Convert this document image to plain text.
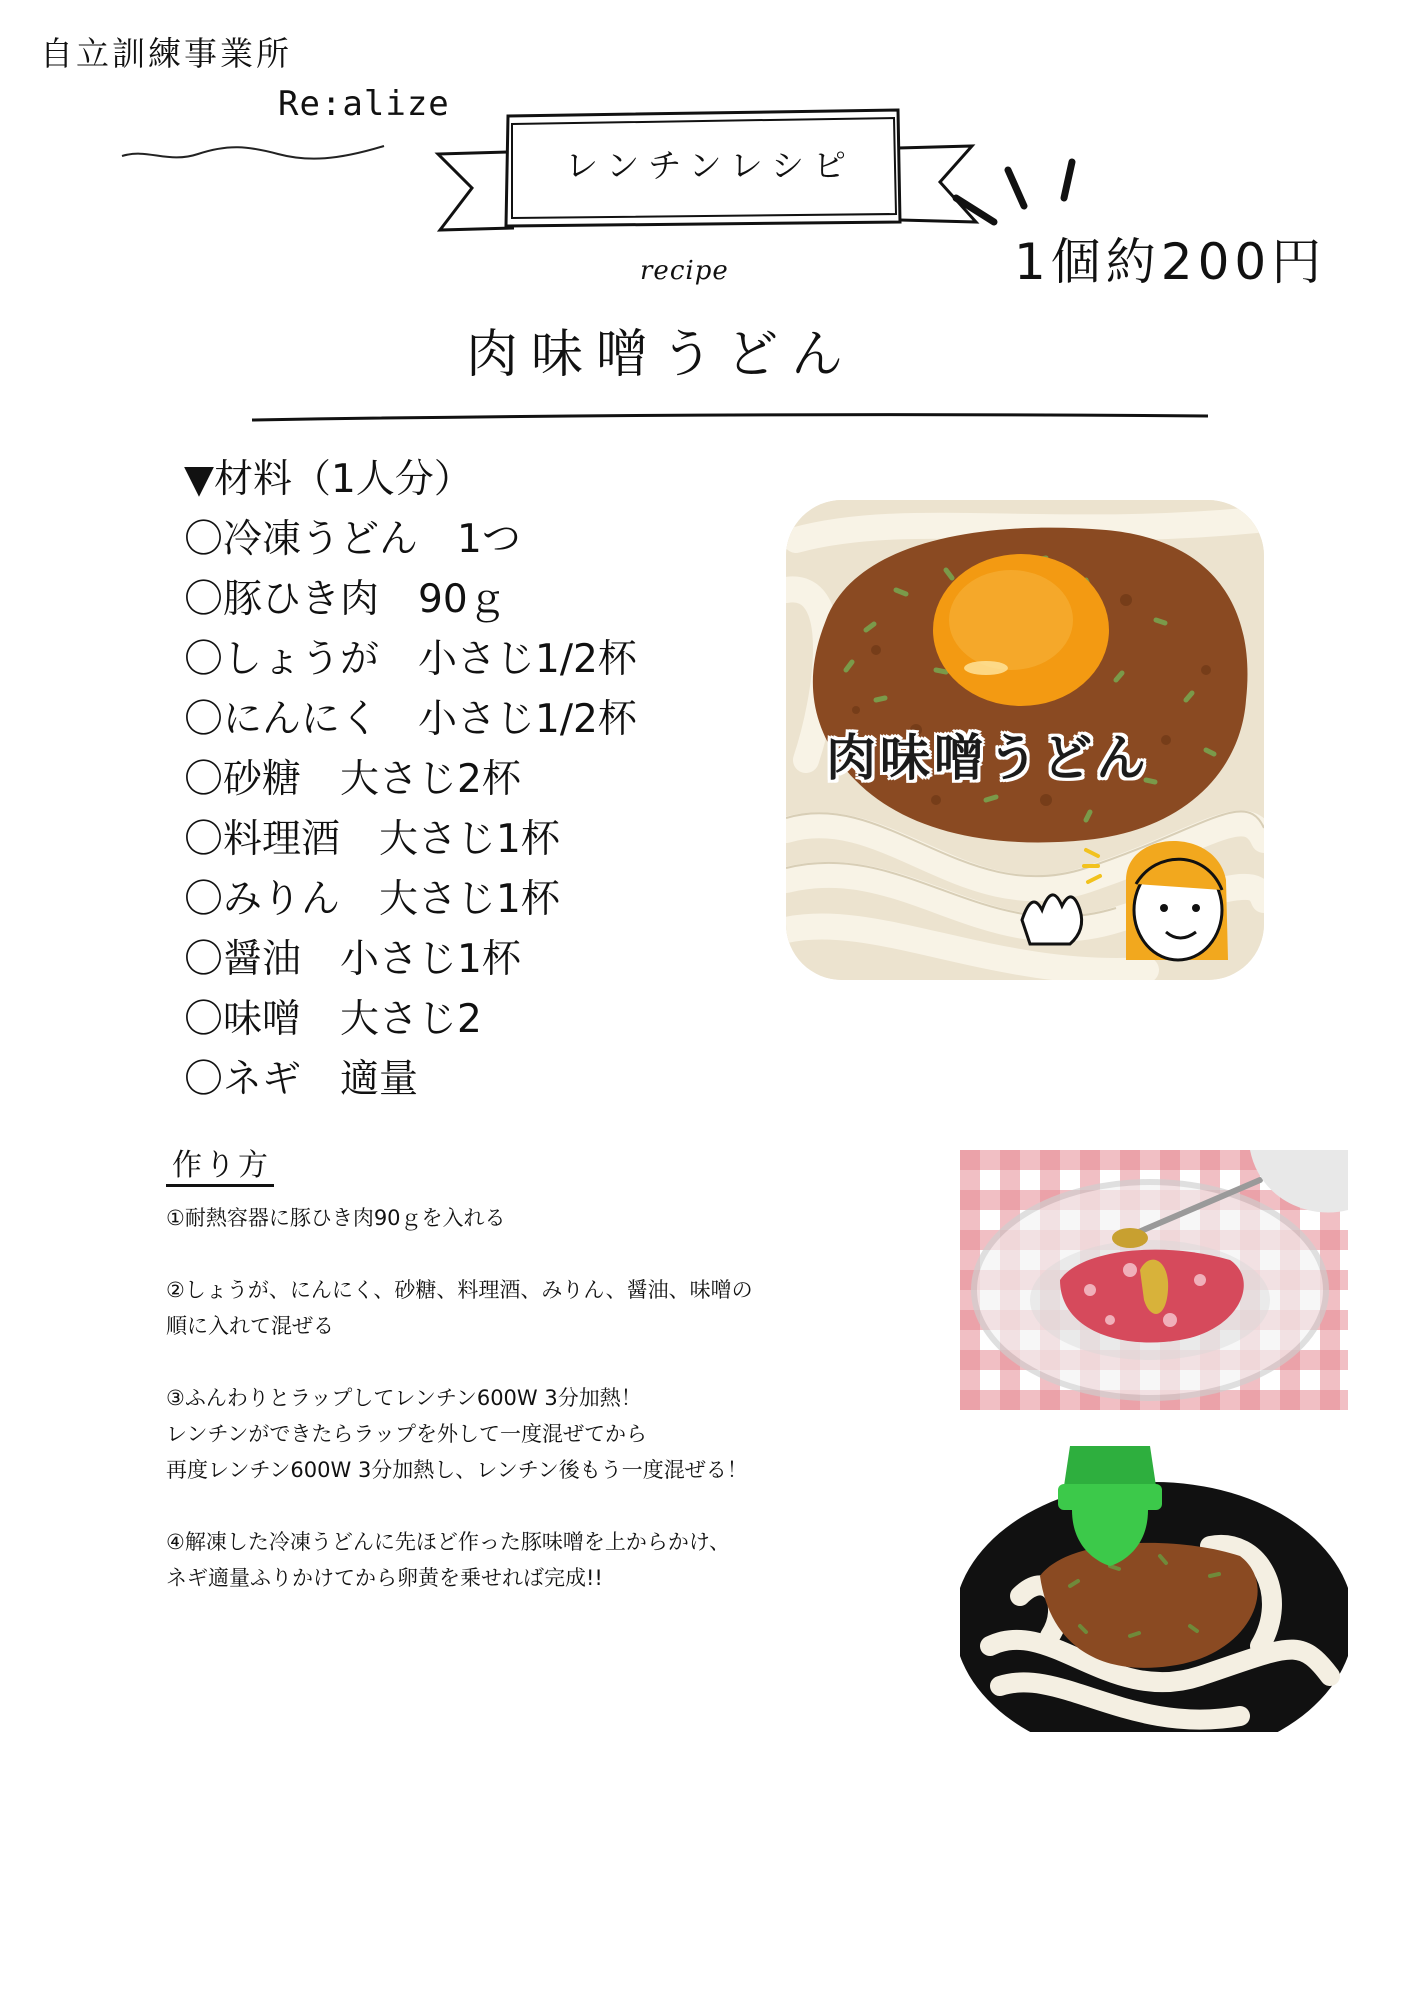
自立訓練事業所
Re:alize
レンチンレシピ
1個約200円
recipe
肉味噌うどん
▼材料（1人分）
〇冷凍うどん　1つ
〇豚ひき肉　90ｇ
〇しょうが　小さじ1/2杯
〇にんにく　小さじ1/2杯
〇砂糖　大さじ2杯
〇料理酒　大さじ1杯
〇みりん　大さじ1杯
〇醤油　小さじ1杯
〇味噌　大さじ2
〇ネギ　適量
肉味噌うどん
作り方

①耐熱容器に豚ひき肉90ｇを入れる

②しょうが、にんにく、砂糖、料理酒、みりん、醤油、味噌の

順に入れて混ぜる

③ふんわりとラップしてレンチン600W 3分加熱！

レンチンができたらラップを外して一度混ぜてから

再度レンチン600W 3分加熱し、レンチン後もう一度混ぜる！

④解凍した冷凍うどんに先ほど作った豚味噌を上からかけ、

ネギ適量ふりかけてから卵黄を乗せれば完成!!
